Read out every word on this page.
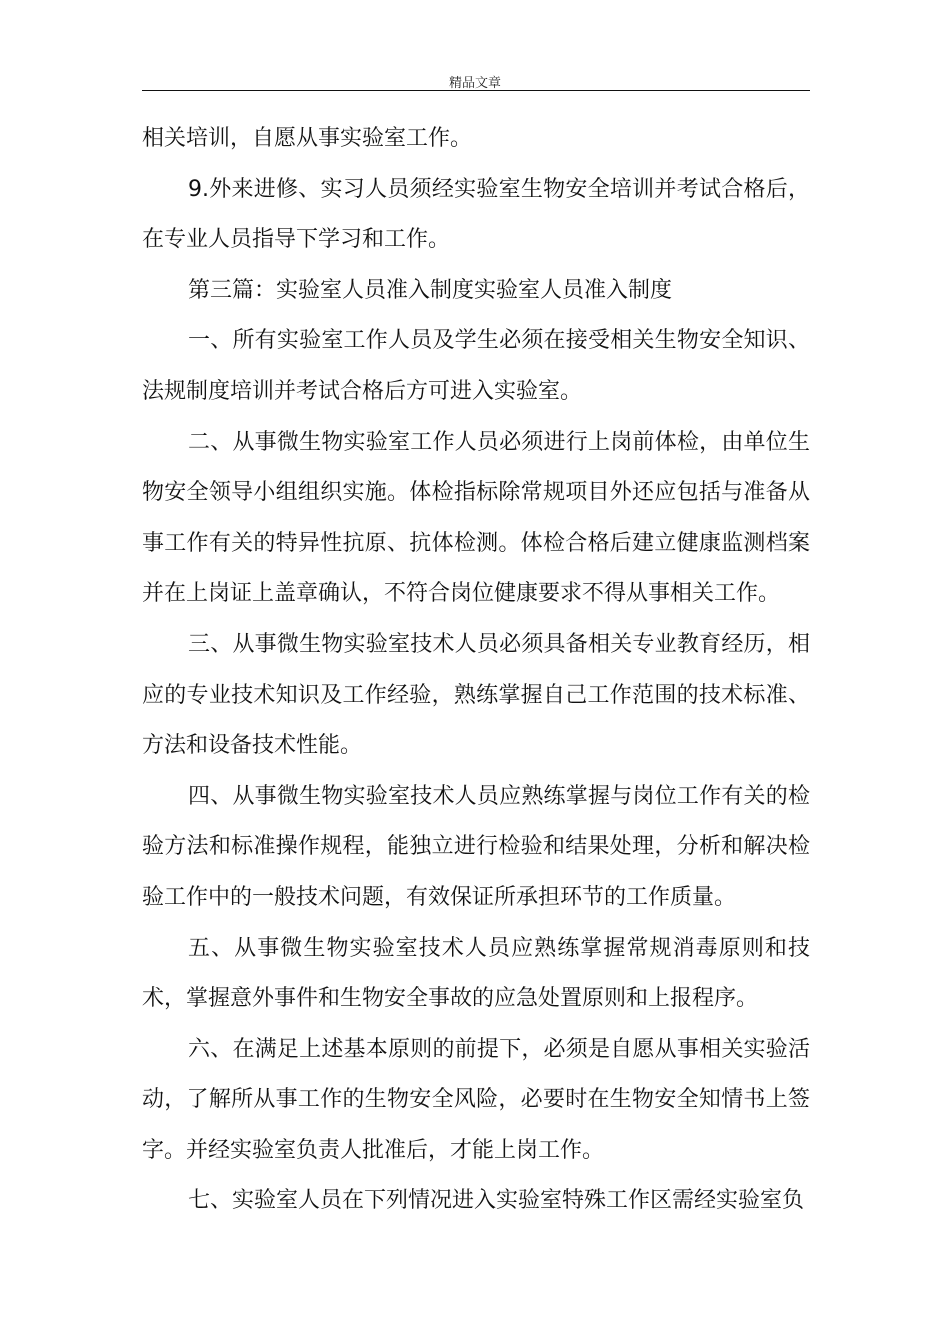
精品文章

相关培训，自愿从事实验室工作。

9.外来进修、实习人员须经实验室生物安全培训并考试合格后，在专业人员指导下学习和工作。

第三篇：实验室人员准入制度实验室人员准入制度

一、所有实验室工作人员及学生必须在接受相关生物安全知识、法规制度培训并考试合格后方可进入实验室。

二、从事微生物实验室工作人员必须进行上岗前体检，由单位生物安全领导小组组织实施。体检指标除常规项目外还应包括与准备从事工作有关的特异性抗原、抗体检测。体检合格后建立健康监测档案并在上岗证上盖章确认，不符合岗位健康要求不得从事相关工作。

三、从事微生物实验室技术人员必须具备相关专业教育经历，相应的专业技术知识及工作经验，熟练掌握自己工作范围的技术标准、方法和设备技术性能。

四、从事微生物实验室技术人员应熟练掌握与岗位工作有关的检验方法和标准操作规程，能独立进行检验和结果处理，分析和解决检验工作中的一般技术问题，有效保证所承担环节的工作质量。

五、从事微生物实验室技术人员应熟练掌握常规消毒原则和技术，掌握意外事件和生物安全事故的应急处置原则和上报程序。

六、在满足上述基本原则的前提下，必须是自愿从事相关实验活动，了解所从事工作的生物安全风险，必要时在生物安全知情书上签字。并经实验室负责人批准后，才能上岗工作。

七、实验室人员在下列情况进入实验室特殊工作区需经实验室负
